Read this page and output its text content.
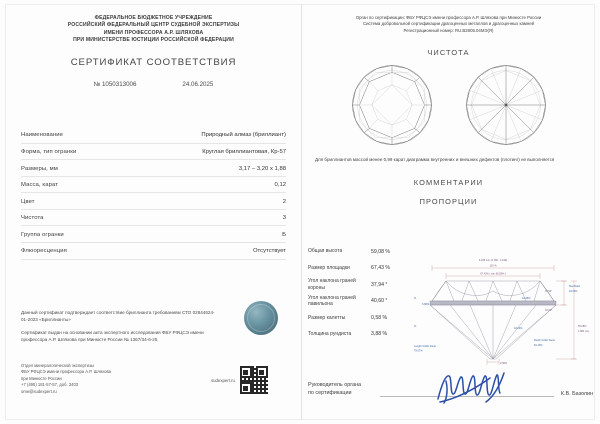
ФЕДЕРАЛЬНОЕ БЮДЖЕТНОЕ УЧРЕЖДЕНИЕ
РОССИЙСКИЙ ФЕДЕРАЛЬНЫЙ ЦЕНТР СУДЕБНОЙ ЭКСПЕРТИЗЫ
ИМЕНИ ПРОФЕССОРА А.Р. ШЛЯХОВА
ПРИ МИНИСТЕРСТВЕ ЮСТИЦИИ РОССИЙСКОЙ ФЕДЕРАЦИИ
СЕРТИФИКАТ СООТВЕТСТВИЯ
№ 1050313006	24.06.2025
Наименование	Природный алмаз (бриллиант)
Форма, тип огранки	Круглая бриллиантовая, Кр-57
Размеры, мм	3,17 – 3,20 x 1,88
Масса, карат	0,12
Цвет	2
Чистота	3
Группа огранки	Б
Флюоресценция	Отсутствует

Данный сертификат подтверждает соответствие бриллианта требованиям СТО 02844624-01-2023 «Бриллианты»

Сертификат выдан на основании акта экспертного исследования ФБУ РФЦСЭ имени профессора А.Р. Шляхова при Минюсте России № 1367/34-6-25

Отдел минералогической экспертизы
ФБУ РФЦСЭ имени профессора А.Р. Шляхова
при Минюсте России
+7 (495) 181-57-57, доб. 3403
ome@sudexpert.ru
sudexpert.ru
Орган по сертификации: ФБУ РФЦСЭ имени профессора А.Р. Шляхова при Минюсте России
Система добровольной сертификации драгоценных металлов и драгоценных камней
Регистрационный номер: RU.B2805.04МЭ(Я)
ЧИСТОТА
Для бриллиантов массой менее 0,99 карат диаграмма внутренних и внешних дефектов (плотинг) не выполняется
КОММЕНТАРИИ
ПРОПОРЦИИ
Общая высота	59,08 %
Размер площадки	67,43 %
Угол наклона граней короны	37,94 °
Угол наклона граней павильона	40,60 °
Размер калетты	0,58 %
Толщина рундиста	3,88 %
3.188 mm (3.168 - 3.199)
100 %
67.43% ( min 66.58% )
%
%
Length Girdle Facet
79.07%
37.94°
40.60°
Star Ratio
43.60%
59.08%
1.884 mm
Depth Girdle Facet
81.13%
0.58%
12.96%
3.88%
42.04%
Руководитель органа
по сертификации	К.В. Базолин
